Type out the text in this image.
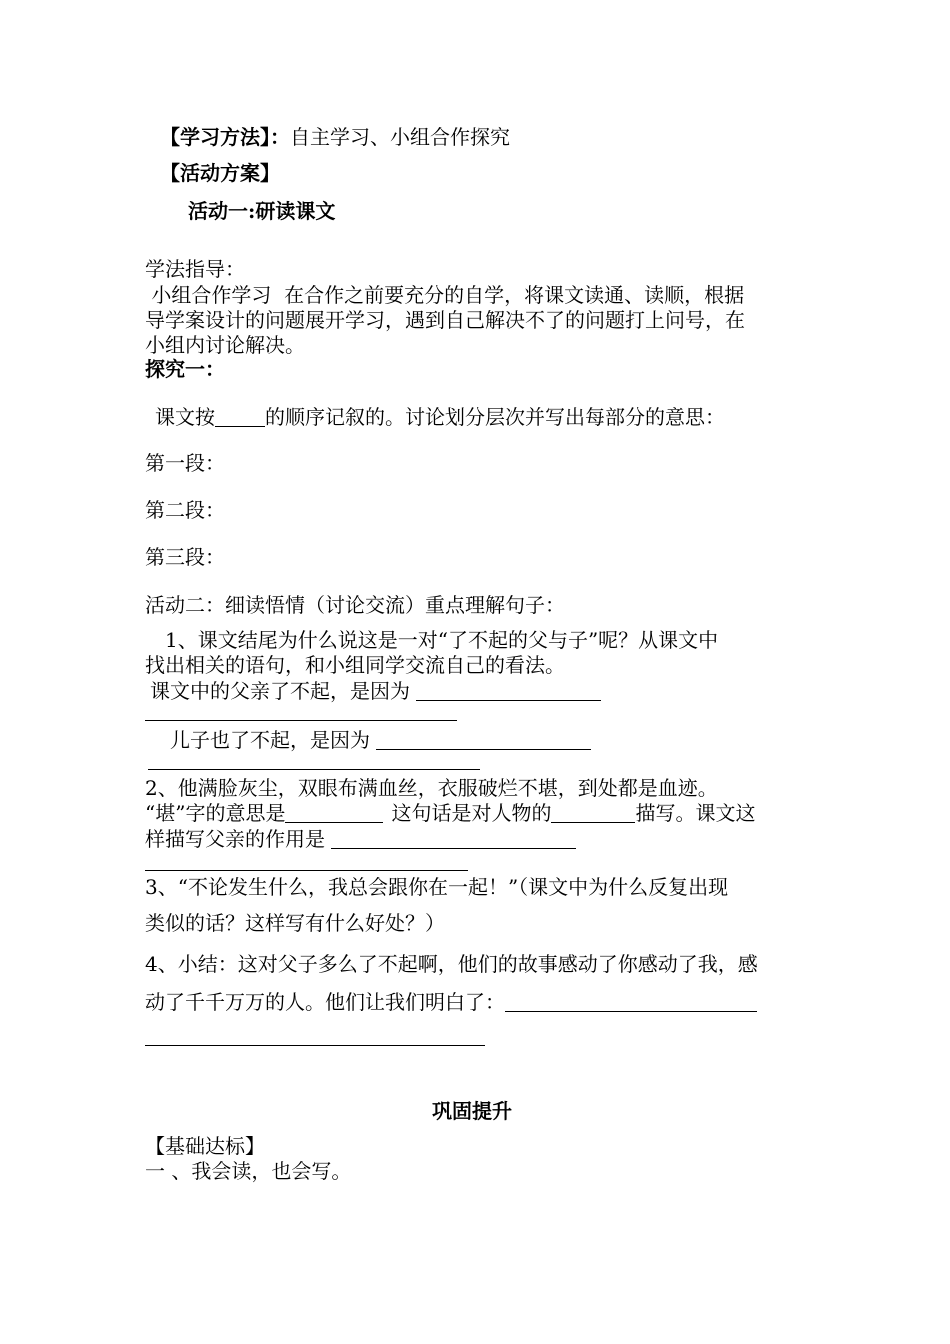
【学习方法】：自主学习、小组合作探究
【活动方案】
活动一:研读课文
学法指导：
小组合作学习  在合作之前要充分的自学，将课文读通、读顺，根据
导学案设计的问题展开学习，遇到自己解决不了的问题打上问号，在
小组内讨论解决。
探究一：
课文按	的顺序记叙的。讨论划分层次并写出每部分的意思：
第一段：
第二段：
第三段：
活动二：细读悟情（讨论交流）重点理解句子：
1、课文结尾为什么说这是一对“了不起的父与子”呢？从课文中
找出相关的语句，和小组同学交流自己的看法。
课文中的父亲了不起，是因为
儿子也了不起，是因为
2、他满脸灰尘，双眼布满血丝，衣服破烂不堪，到处都是血迹。
“堪”字的意思是	这句话是对人物的	描写。课文这
样描写父亲的作用是
3、“不论发生什么，我总会跟你在一起！”（课文中为什么反复出现
类似的话？这样写有什么好处？）
4、小结：这对父子多么了不起啊，他们的故事感动了你感动了我，感
动了千千万万的人。他们让我们明白了：
巩固提升
【基础达标】
一 、我会读，也会写。
